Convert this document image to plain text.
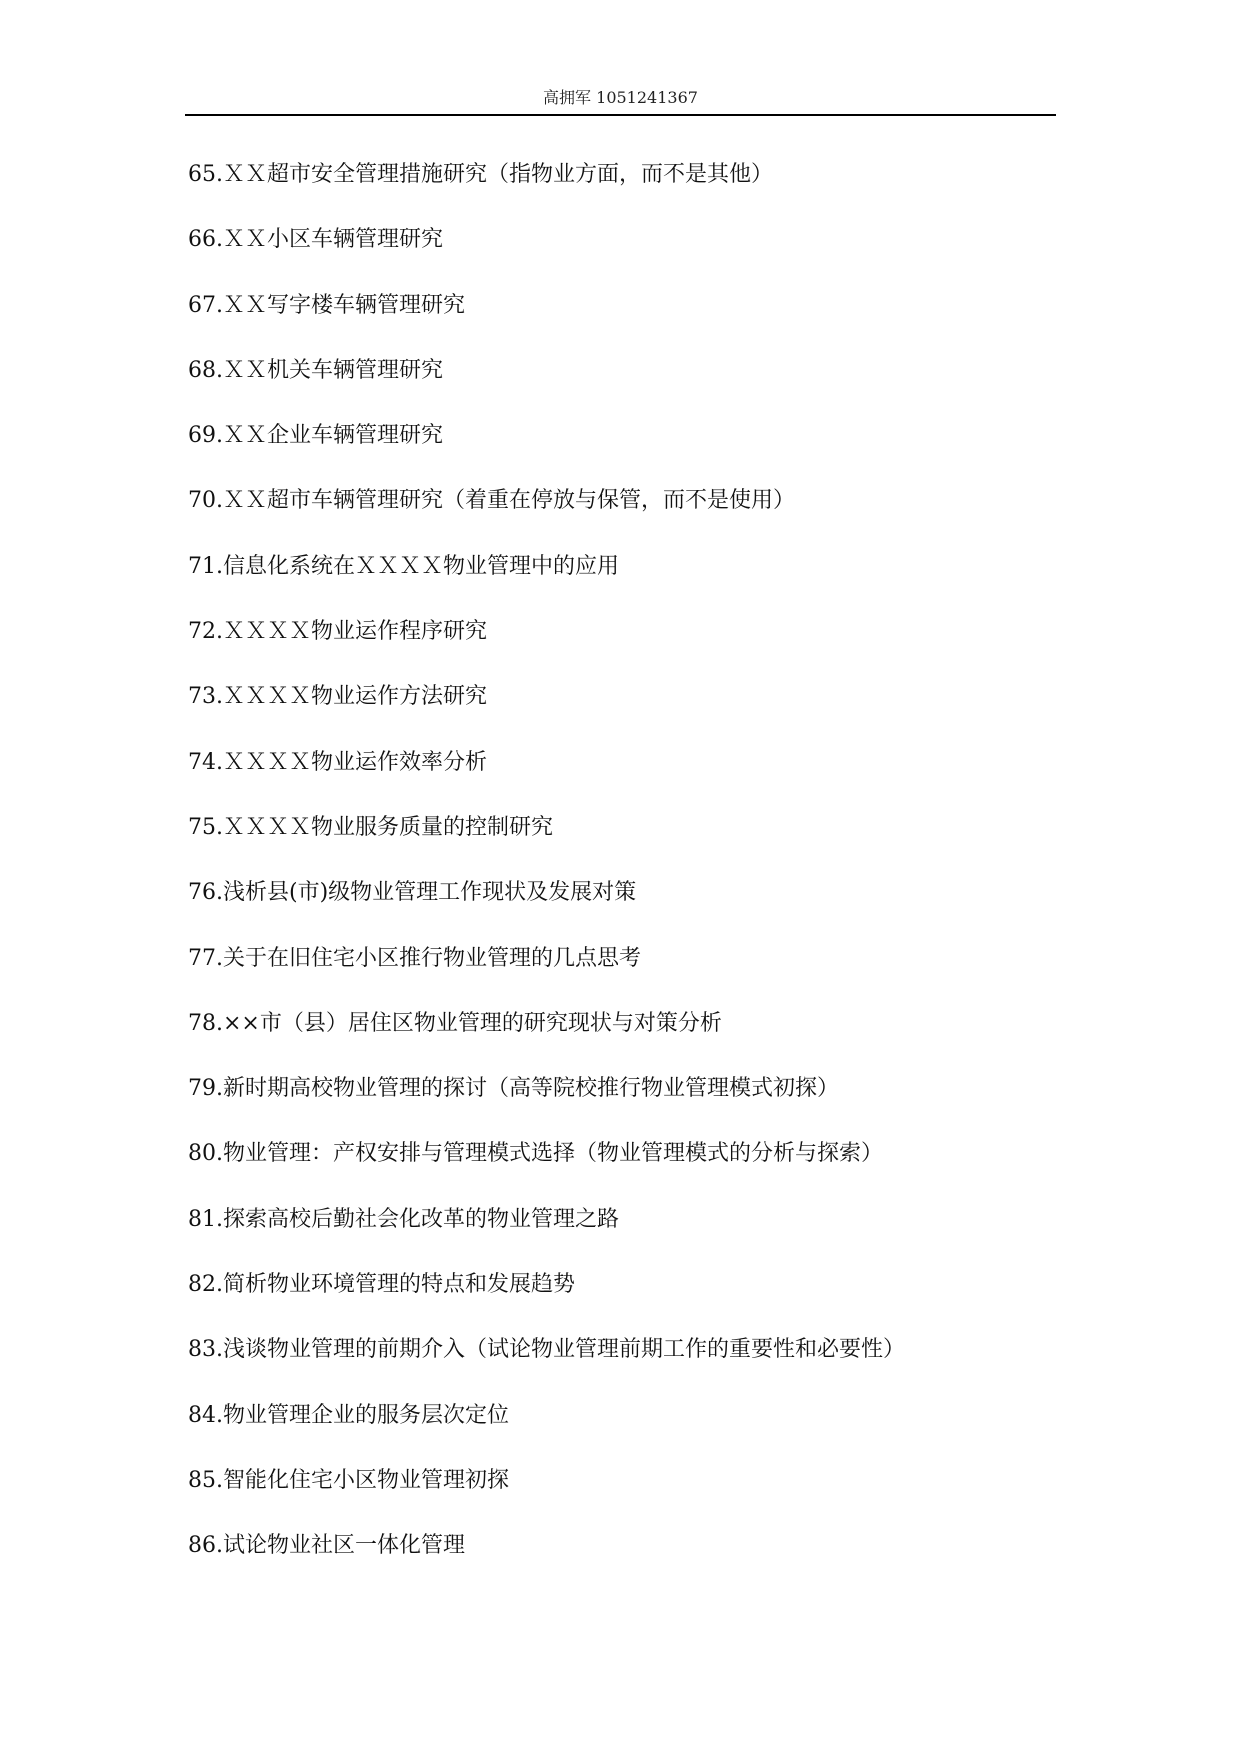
高拥军 1051241367
65.ＸＸ超市安全管理措施研究（指物业方面，而不是其他）
66.ＸＸ小区车辆管理研究
67.ＸＸ写字楼车辆管理研究
68.ＸＸ机关车辆管理研究
69.ＸＸ企业车辆管理研究
70.ＸＸ超市车辆管理研究（着重在停放与保管，而不是使用）
71.信息化系统在ＸＸＸＸ物业管理中的应用
72.ＸＸＸＸ物业运作程序研究
73.ＸＸＸＸ物业运作方法研究
74.ＸＸＸＸ物业运作效率分析
75.ＸＸＸＸ物业服务质量的控制研究
76.浅析县(市)级物业管理工作现状及发展对策
77.关于在旧住宅小区推行物业管理的几点思考
78.××市（县）居住区物业管理的研究现状与对策分析
79.新时期高校物业管理的探讨（高等院校推行物业管理模式初探）
80.物业管理：产权安排与管理模式选择（物业管理模式的分析与探索）
81.探索高校后勤社会化改革的物业管理之路
82.简析物业环境管理的特点和发展趋势
83.浅谈物业管理的前期介入（试论物业管理前期工作的重要性和必要性）
84.物业管理企业的服务层次定位
85.智能化住宅小区物业管理初探
86.试论物业社区一体化管理
